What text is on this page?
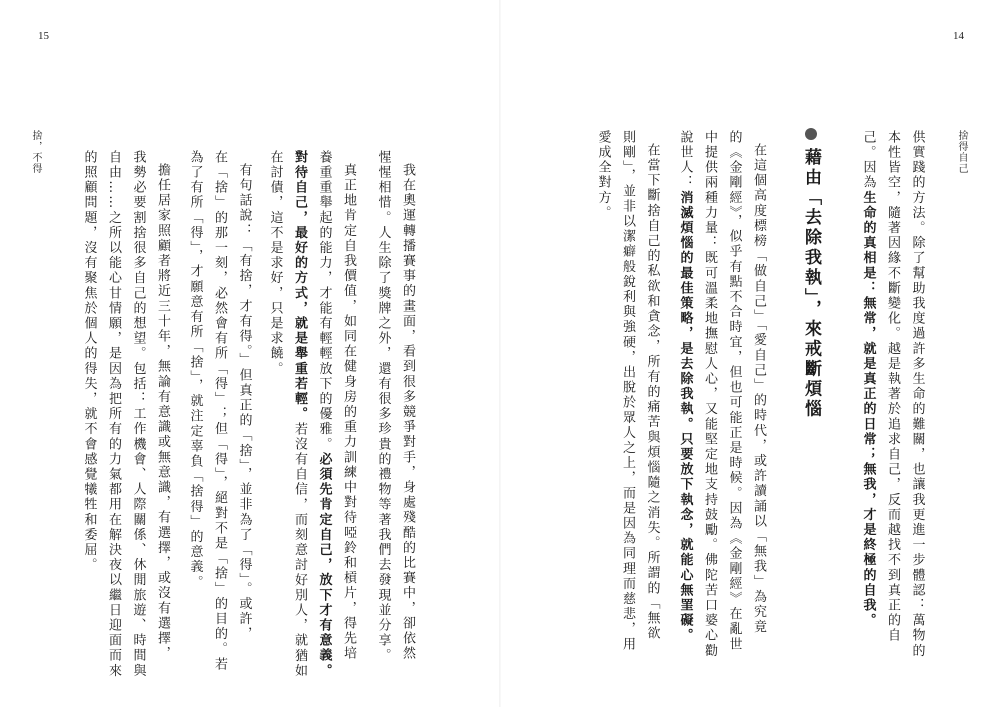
15	14
捨得自己
捨，不得	供實踐的方法。除了幫助我度過許多生命的難關，也讓我更進一步體認：萬物的
本性皆空，隨著因緣不斷變化。越是執著於追求自己，反而越找不到真正的自
己。因為生命的真相是：無常，就是真正的日常；無我，才是終極的自我。
藉由「去除我執」，來戒斷煩惱
在這個高度標榜「做自己」「愛自己」的時代，或許讀誦以「無我」為究竟
的《金剛經》，似乎有點不合時宜，但也可能正是時候。因為《金剛經》在亂世
中提供兩種力量：既可溫柔地撫慰人心，又能堅定地支持鼓勵。佛陀苦口婆心勸
說世人：消滅煩惱的最佳策略，是去除我執。只要放下執念，就能心無罣礙。
在當下斷捨自己的私欲和貪念，所有的痛苦與煩惱隨之消失。所謂的「無欲
則剛」，並非以潔癖般銳利與強硬，出脫於眾人之上，而是因為同理而慈悲，用
愛成全對方。
我在奧運轉播賽事的畫面，看到很多競爭對手，身處殘酷的比賽中，卻依然
惺惺相惜。人生除了獎牌之外，還有很多珍貴的禮物等著我們去發現並分享。
真正地肯定自我價值，如同在健身房的重力訓練中對待啞鈴和槓片，得先培
養重重舉起的能力，才能有輕輕放下的優雅。必須先肯定自己，放下才有意義。
對待自己，最好的方式，就是舉重若輕。若沒有自信，而刻意討好別人，就猶如
在討債，這不是求好，只是求饒。
有句話說：「有捨，才有得。」但真正的「捨」，並非為了「得」。或許，
在「捨」的那一刻，必然會有所「得」；但「得」，絕對不是「捨」的目的。若
為了有所「得」，才願意有所「捨」，就注定辜負「捨得」的意義。
擔任居家照顧者將近三十年，無論有意識或無意識，有選擇，或沒有選擇，
我勢必要割捨很多自己的想望。包括：工作機會、人際關係、休閒旅遊、時間與
自由……之所以能心甘情願，是因為把所有的力氣都用在解決夜以繼日迎面而來
的照顧問題，沒有聚焦於個人的得失，就不會感覺犧牲和委屈。
